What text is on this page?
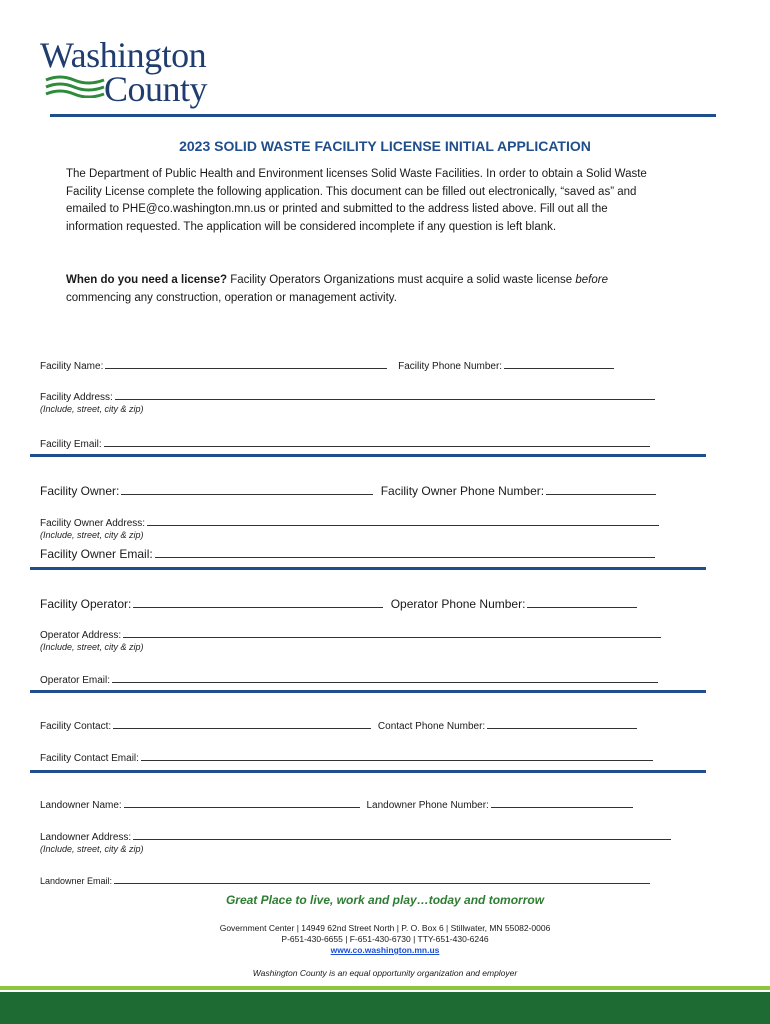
Washington
County
2023 SOLID WASTE FACILITY LICENSE INITIAL APPLICATION
The Department of Public Health and Environment licenses Solid Waste Facilities. In order to obtain a Solid Waste Facility License complete the following application. This document can be filled out electronically, “saved as” and emailed to PHE@co.washington.mn.us or printed and submitted to the address listed above. Fill out all the information requested. The application will be considered incomplete if any question is left blank.
When do you need a license? Facility Operators Organizations must acquire a solid waste license before commencing any construction, operation or management activity.
Facility Name:	Facility Phone Number:
Facility Address:
(Include, street, city & zip)
Facility Email:
Facility Owner:	Facility Owner Phone Number:
Facility Owner Address:
(Include, street, city & zip)
Facility Owner Email:
Facility Operator:	Operator Phone Number:
Operator Address:
(Include, street, city & zip)
Operator Email:
Facility Contact:	Contact Phone Number:
Facility Contact Email:
Landowner Name:	Landowner Phone Number:
Landowner Address:
(Include, street, city & zip)
Landowner Email:
Great Place to live, work and play…today and tomorrow
Government Center | 14949 62nd Street North | P. O. Box 6 | Stillwater, MN 55082-0006
P-651-430-6655 | F-651-430-6730 | TTY-651-430-6246
www.co.washington.mn.us
Washington County is an equal opportunity organization and employer
